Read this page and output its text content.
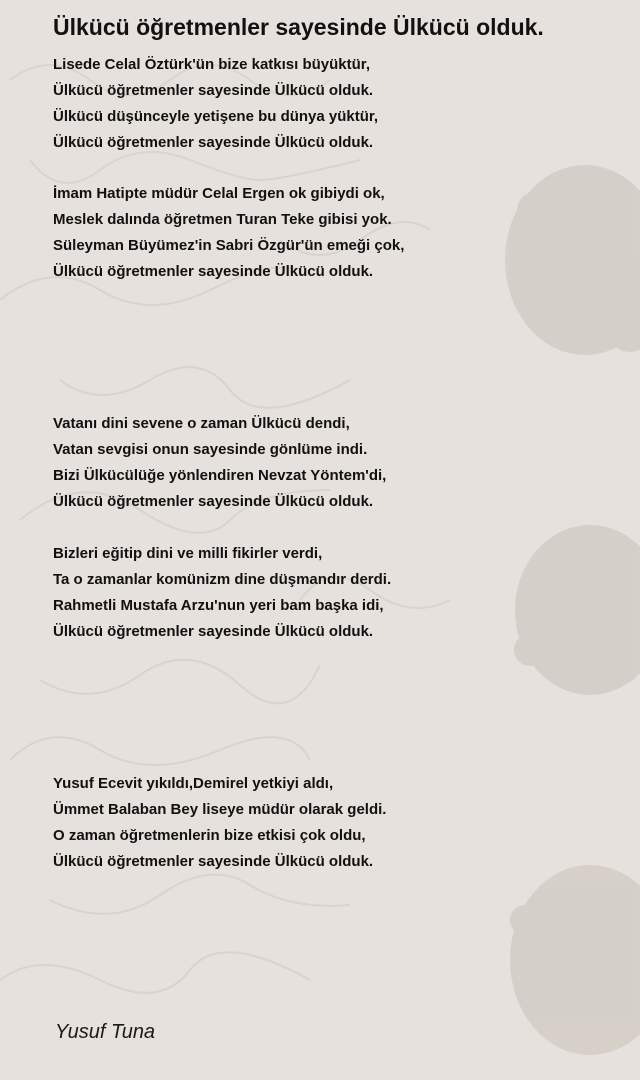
Ülkücü öğretmenler sayesinde Ülkücü olduk.
Lisede Celal Öztürk'ün bize katkısı büyüktür,
Ülkücü öğretmenler sayesinde Ülkücü olduk.
Ülkücü düşünceyle yetişene bu dünya yüktür,
Ülkücü öğretmenler sayesinde Ülkücü olduk.
İmam Hatipte müdür Celal Ergen ok gibiydi ok,
Meslek dalında öğretmen Turan Teke gibisi yok.
Süleyman Büyümez'in Sabri Özgür'ün emeği çok,
Ülkücü öğretmenler sayesinde Ülkücü olduk.
Vatanı dini sevene o zaman Ülkücü dendi,
Vatan sevgisi onun sayesinde gönlüme indi.
Bizi Ülkücülüğe yönlendiren Nevzat Yöntem'di,
Ülkücü öğretmenler sayesinde Ülkücü olduk.
Bizleri eğitip dini ve milli fikirler verdi,
Ta o zamanlar komünizm dine düşmandır derdi.
Rahmetli Mustafa Arzu'nun yeri bam başka idi,
Ülkücü öğretmenler sayesinde Ülkücü olduk.
Yusuf Ecevit yıkıldı,Demirel yetkiyi aldı,
Ümmet Balaban Bey liseye müdür olarak geldi.
O zaman öğretmenlerin bize etkisi çok oldu,
Ülkücü öğretmenler sayesinde Ülkücü olduk.
Yusuf Tuna
